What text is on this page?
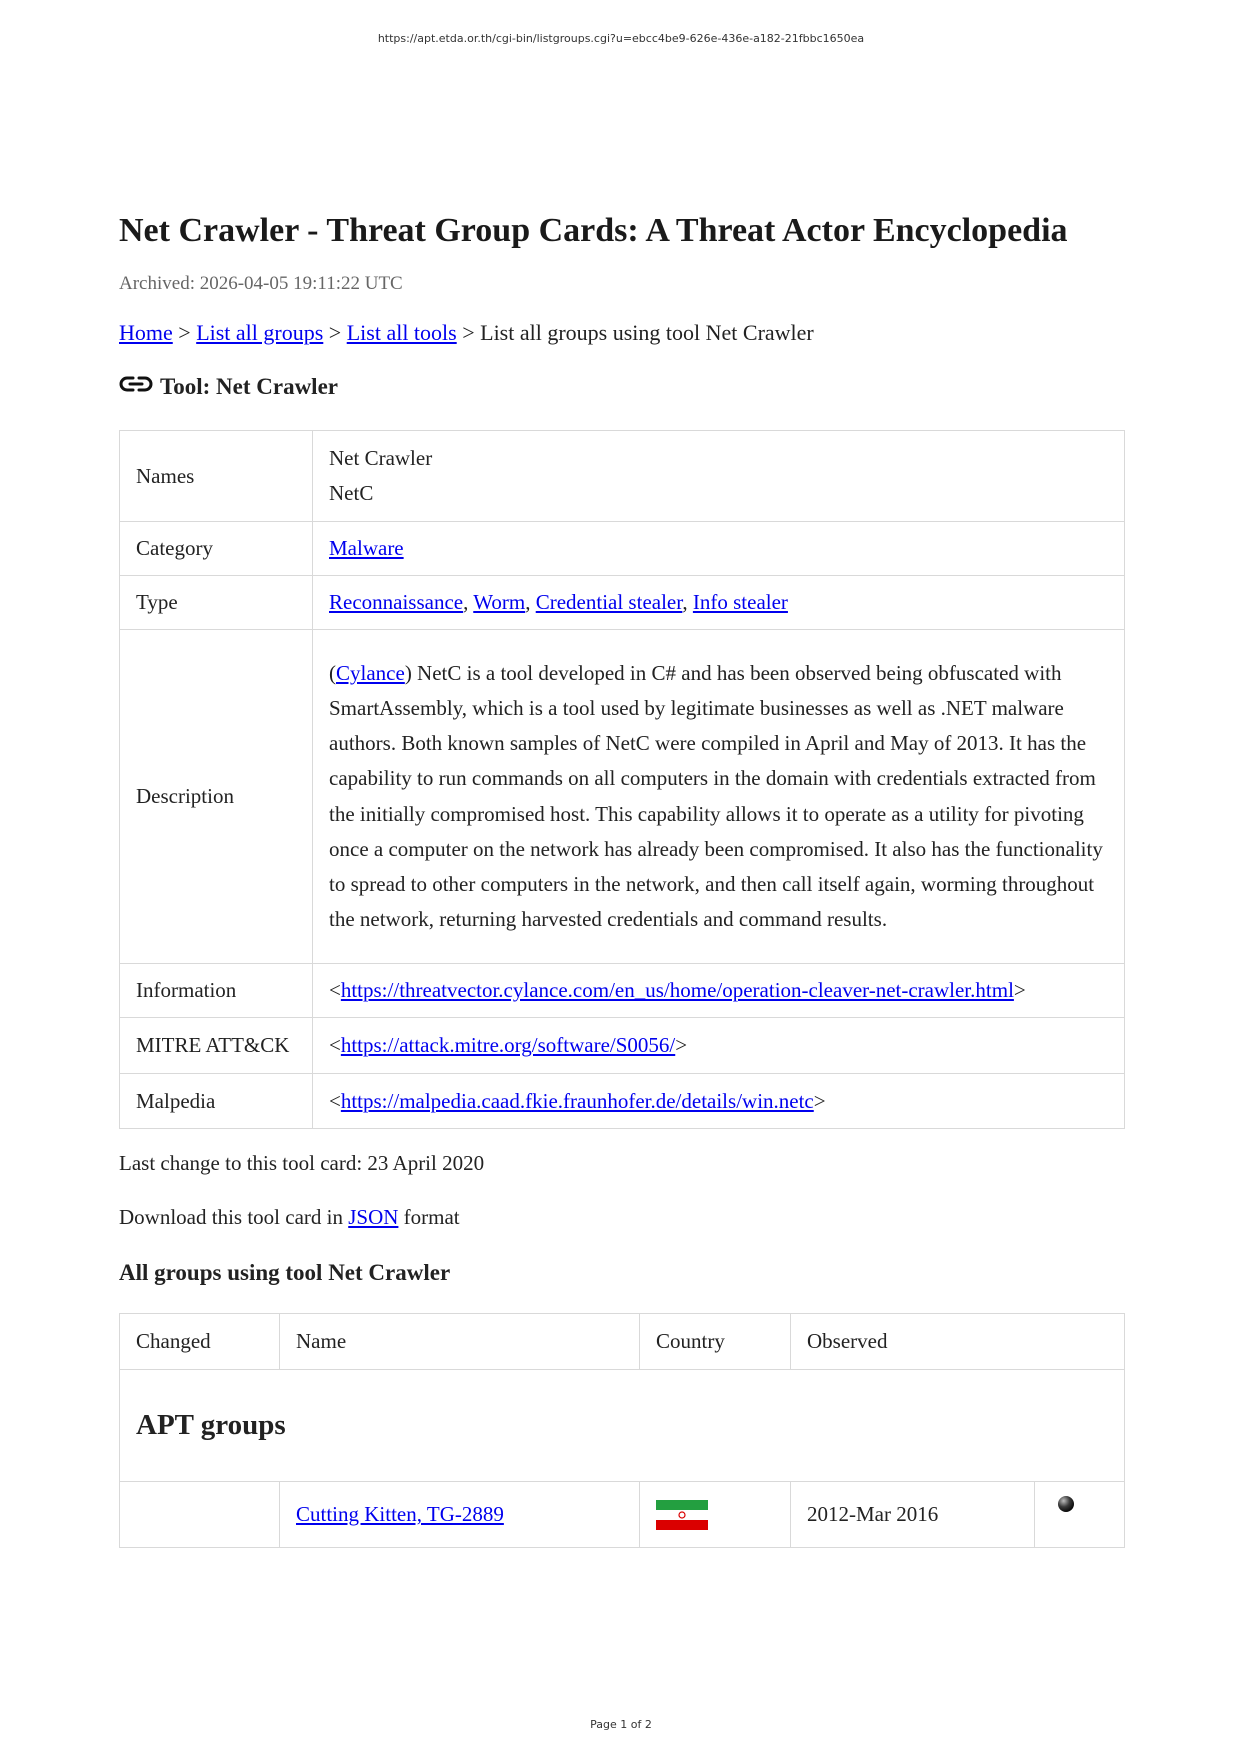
https://apt.etda.or.th/cgi-bin/listgroups.cgi?u=ebcc4be9-626e-436e-a182-21fbbc1650ea
Net Crawler - Threat Group Cards: A Threat Actor Encyclopedia
Archived: 2026-04-05 19:11:22 UTC
Home > List all groups > List all tools > List all groups using tool Net Crawler
Tool: Net Crawler
Names	Net Crawler
NetC

Category	Malware
Type	Reconnaissance, Worm, Credential stealer, Info stealer
Description	(Cylance) NetC is a tool developed in C# and has been observed being obfuscated with SmartAssembly, which is a tool used by legitimate businesses as well as .NET malware authors. Both known samples of NetC were compiled in April and May of 2013. It has the capability to run commands on all computers in the domain with credentials extracted from the initially compromised host. This capability allows it to operate as a utility for pivoting once a computer on the network has already been compromised. It also has the functionality to spread to other computers in the network, and then call itself again, worming throughout the network, returning harvested credentials and command results.
Information	<https://threatvector.cylance.com/en_us/home/operation-cleaver-net-crawler.html>
MITRE ATT&CK	<https://attack.mitre.org/software/S0056/>
Malpedia	<https://malpedia.caad.fkie.fraunhofer.de/details/win.netc>
Last change to this tool card: 23 April 2020
Download this tool card in JSON format
All groups using tool Net Crawler
Changed	Name	Country	Observed	
APT groups				
	Cutting Kitten, TG-2889		2012-Mar 2016	
Page 1 of 2
